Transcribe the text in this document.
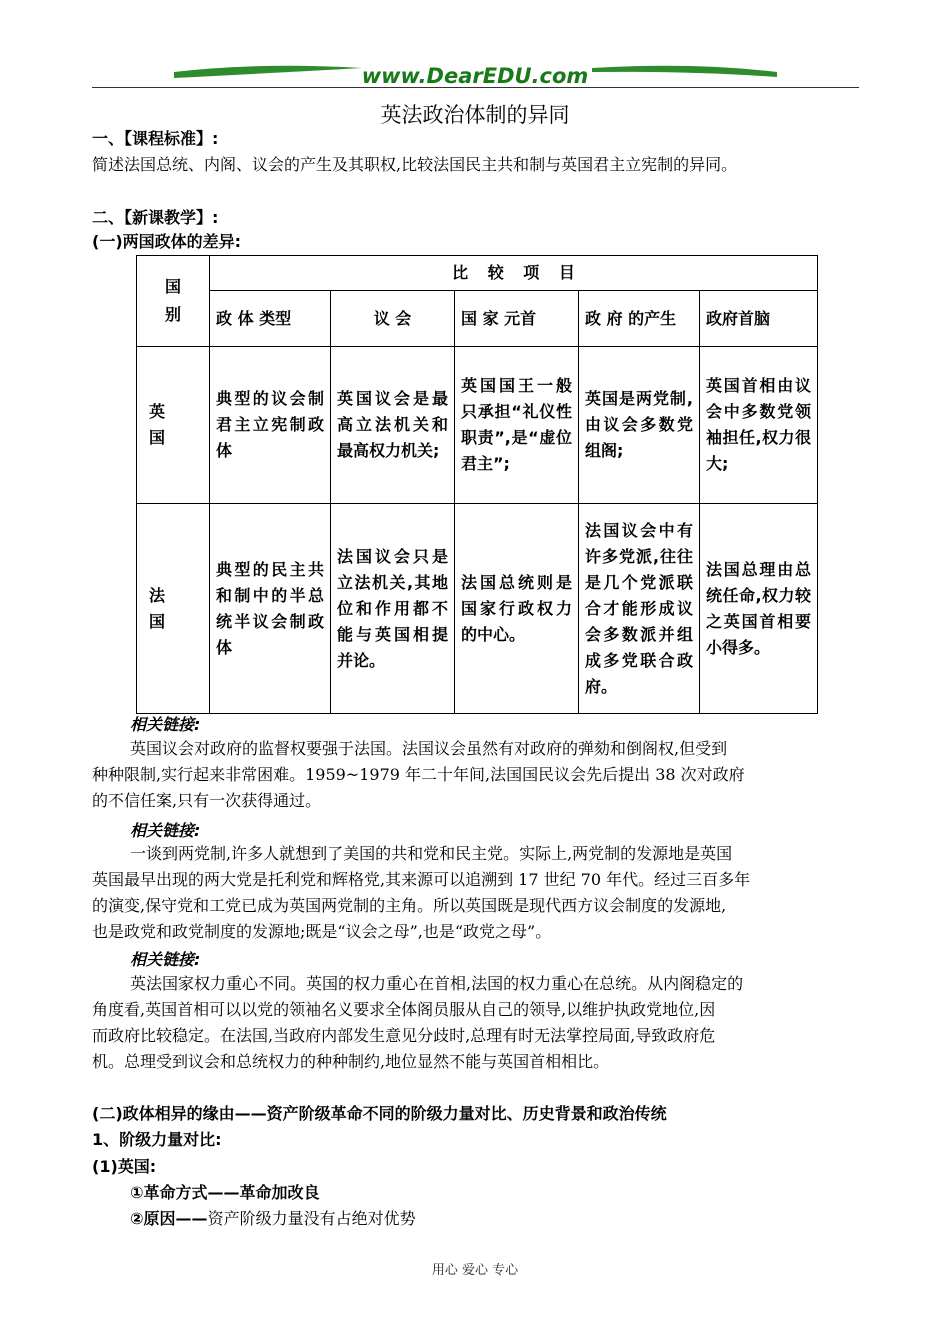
www.DearEDU.com
英法政治体制的异同
一、【课程标准】:
简述法国总统、内阁、议会的产生及其职权,比较法国民主共和制与英国君主立宪制的异同。
二、【新课教学】:
(一)两国政体的差异:
国别	比 较 项 目				
	政 体 类型	议 会	国 家 元首	政 府 的产生	政府首脑

英国	典型的议会制君主立宪制政体	英国议会是最高立法机关和最高权力机关;	英国国王一般只承担“礼仪性职责”,是“虚位君主”;	英国是两党制,由议会多数党组阁;	英国首相由议会中多数党领袖担任,权力很大;

法国	典型的民主共和制中的半总统半议会制政体	法国议会只是立法机关,其地位和作用都不能与英国相提并论。	法国总统则是国家行政权力的中心。	法国议会中有许多党派,往往是几个党派联合才能形成议会多数派并组成多党联合政府。	法国总理由总统任命,权力较之英国首相要小得多。
相关链接:
英国议会对政府的监督权要强于法国。法国议会虽然有对政府的弹劾和倒阁权,但受到
种种限制,实行起来非常困难。1959~1979 年二十年间,法国国民议会先后提出 38 次对政府
的不信任案,只有一次获得通过。
相关链接:
一谈到两党制,许多人就想到了美国的共和党和民主党。实际上,两党制的发源地是英国
英国最早出现的两大党是托利党和辉格党,其来源可以追溯到 17 世纪 70 年代。经过三百多年
的演变,保守党和工党已成为英国两党制的主角。所以英国既是现代西方议会制度的发源地,
也是政党和政党制度的发源地;既是“议会之母”,也是“政党之母”。
相关链接:
英法国家权力重心不同。英国的权力重心在首相,法国的权力重心在总统。从内阁稳定的
角度看,英国首相可以以党的领袖名义要求全体阁员服从自己的领导,以维护执政党地位,因
而政府比较稳定。在法国,当政府内部发生意见分歧时,总理有时无法掌控局面,导致政府危
机。总理受到议会和总统权力的种种制约,地位显然不能与英国首相相比。
(二)政体相异的缘由——资产阶级革命不同的阶级力量对比、历史背景和政治传统
1、阶级力量对比:
(1)英国:
①革命方式——革命加改良
②原因——资产阶级力量没有占绝对优势
用心 爱心 专心
